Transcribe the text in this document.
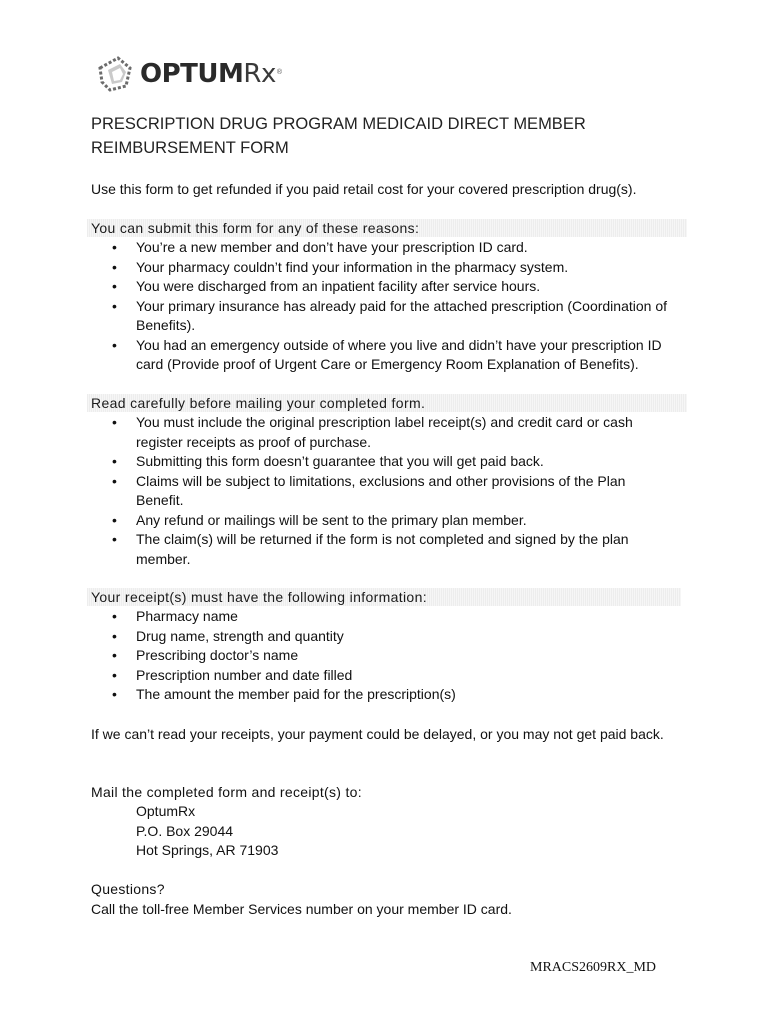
OPTUM Rx ®
PRESCRIPTION DRUG PROGRAM MEDICAID DIRECT MEMBER REIMBURSEMENT FORM

Use this form to get refunded if you paid retail cost for your covered prescription drug(s).

You can submit this form for any of these reasons:
•	You’re a new member and don’t have your prescription ID card.
•	Your pharmacy couldn’t find your information in the pharmacy system.
•	You were discharged from an inpatient facility after service hours.
•	Your primary insurance has already paid for the attached prescription (Coordination of Benefits).
•	You had an emergency outside of where you live and didn’t have your prescription ID card (Provide proof of Urgent Care or Emergency Room Explanation of Benefits).
Read carefully before mailing your completed form.
•	You must include the original prescription label receipt(s) and credit card or cash register receipts as proof of purchase.
•	Submitting this form doesn’t guarantee that you will get paid back.
•	Claims will be subject to limitations, exclusions and other provisions of the Plan Benefit.
•	Any refund or mailings will be sent to the primary plan member.
•	The claim(s) will be returned if the form is not completed and signed by the plan member.
Your receipt(s) must have the following information:
•	Pharmacy name
•	Drug name, strength and quantity
•	Prescribing doctor’s name
•	Prescription number and date filled
•	The amount the member paid for the prescription(s)

If we can’t read your receipts, your payment could be delayed, or you may not get paid back.

Mail the completed form and receipt(s) to:

OptumRx

P.O. Box 29044

Hot Springs, AR 71903

Questions?

Call the toll-free Member Services number on your member ID card.

MRACS2609RX_MD
